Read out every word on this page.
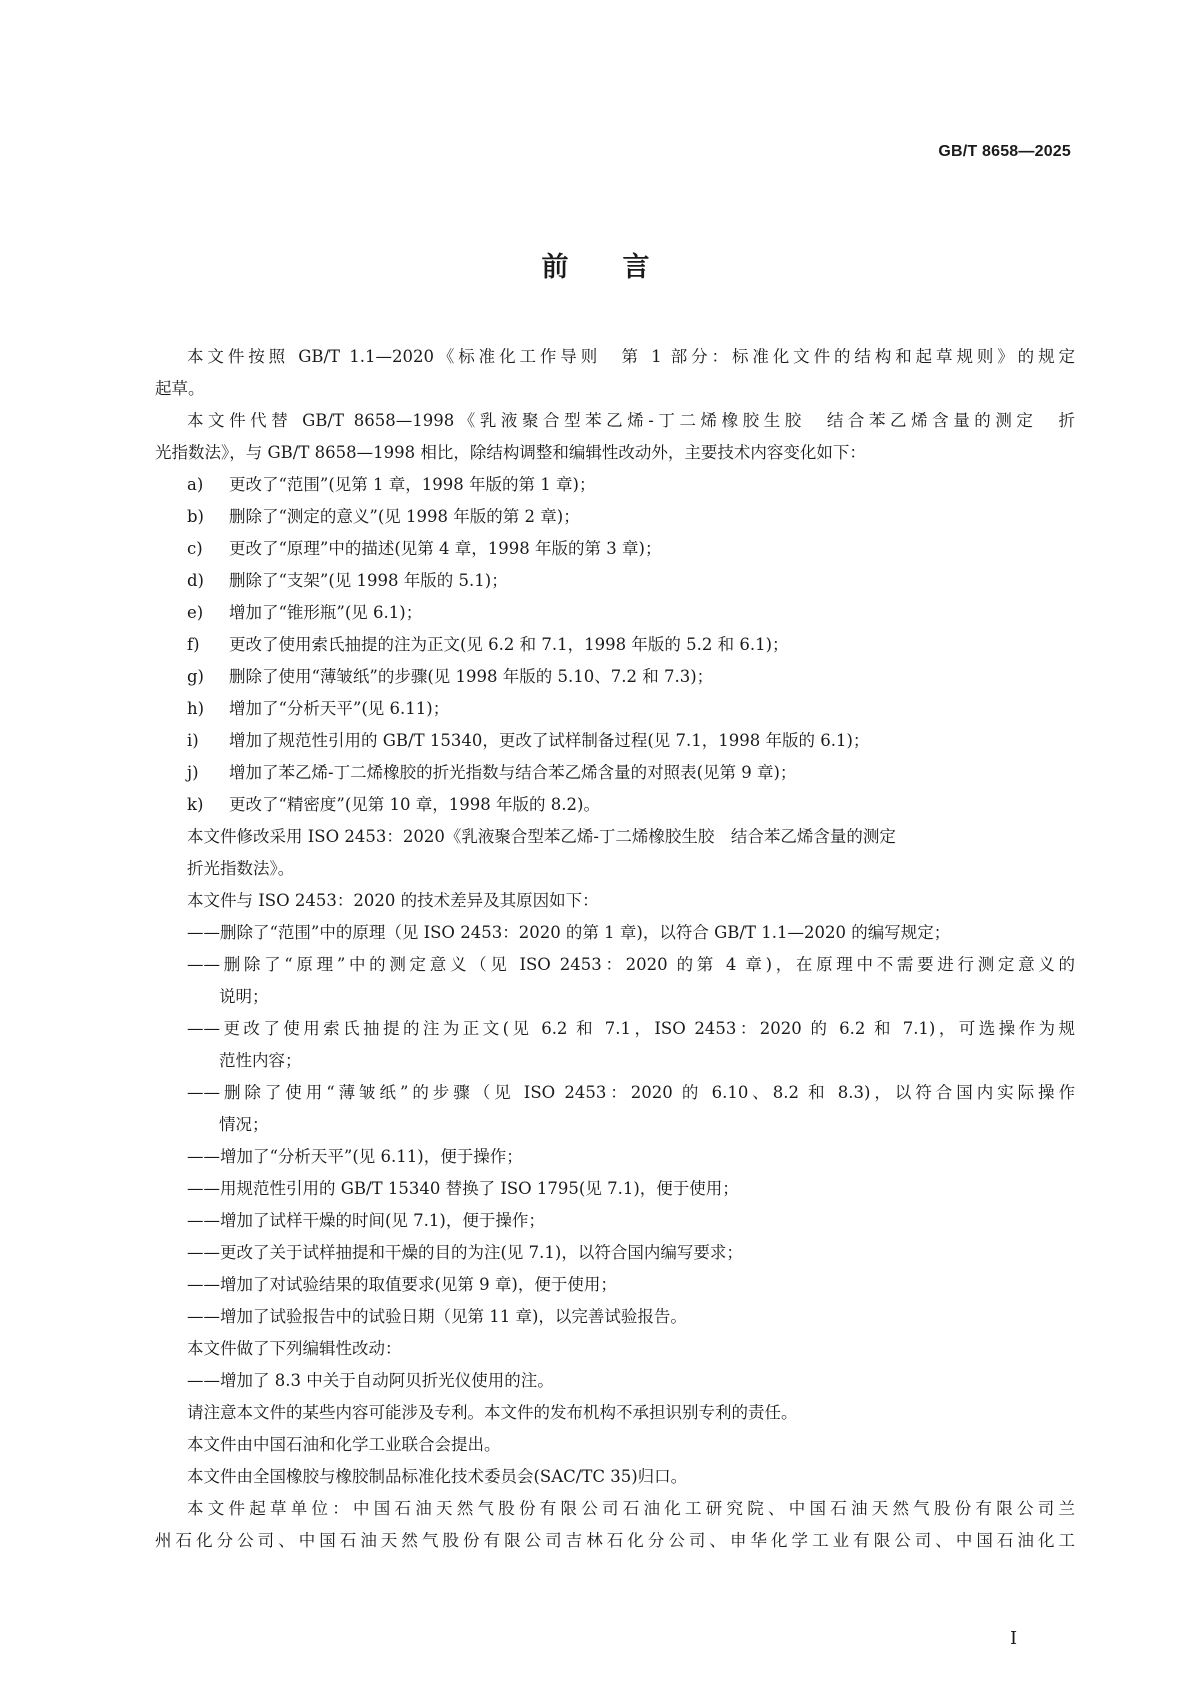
GB/T 8658—2025
前言
本文件按照 GB/T 1.1—2020《标准化工作导则　第 1 部分：标准化文件的结构和起草规则》的规定
起草。
本文件代替 GB/T 8658—1998《乳液聚合型苯乙烯-丁二烯橡胶生胶　结合苯乙烯含量的测定　折
光指数法》，与 GB/T 8658—1998 相比，除结构调整和编辑性改动外，主要技术内容变化如下：
a) 更改了“范围”(见第 1 章，1998 年版的第 1 章)；
b) 删除了“测定的意义”(见 1998 年版的第 2 章)；
c) 更改了“原理”中的描述(见第 4 章，1998 年版的第 3 章)；
d) 删除了“支架”(见 1998 年版的 5.1)；
e) 增加了“锥形瓶”(见 6.1)；
f) 更改了使用索氏抽提的注为正文(见 6.2 和 7.1，1998 年版的 5.2 和 6.1)；
g) 删除了使用“薄皱纸”的步骤(见 1998 年版的 5.10、7.2 和 7.3)；
h) 增加了“分析天平”(见 6.11)；
i) 增加了规范性引用的 GB/T 15340，更改了试样制备过程(见 7.1，1998 年版的 6.1)；
j) 增加了苯乙烯-丁二烯橡胶的折光指数与结合苯乙烯含量的对照表(见第 9 章)；
k) 更改了“精密度”(见第 10 章，1998 年版的 8.2)。
本文件修改采用 ISO 2453：2020《乳液聚合型苯乙烯-丁二烯橡胶生胶　结合苯乙烯含量的测定
折光指数法》。
本文件与 ISO 2453：2020 的技术差异及其原因如下：
——删除了“范围”中的原理（见 ISO 2453：2020 的第 1 章)，以符合 GB/T 1.1—2020 的编写规定；
——删除了“原理”中的测定意义（见 ISO 2453：2020 的第 4 章)，在原理中不需要进行测定意义的
说明；
——更改了使用索氏抽提的注为正文(见 6.2 和 7.1，ISO 2453：2020 的 6.2 和 7.1)，可选操作为规
范性内容；
——删除了使用“薄皱纸”的步骤（见 ISO 2453：2020 的 6.10、8.2 和 8.3)，以符合国内实际操作
情况；
——增加了“分析天平”(见 6.11)，便于操作；
——用规范性引用的 GB/T 15340 替换了 ISO 1795(见 7.1)，便于使用；
——增加了试样干燥的时间(见 7.1)，便于操作；
——更改了关于试样抽提和干燥的目的为注(见 7.1)，以符合国内编写要求；
——增加了对试验结果的取值要求(见第 9 章)，便于使用；
——增加了试验报告中的试验日期（见第 11 章)，以完善试验报告。
本文件做了下列编辑性改动：
——增加了 8.3 中关于自动阿贝折光仪使用的注。
请注意本文件的某些内容可能涉及专利。本文件的发布机构不承担识别专利的责任。
本文件由中国石油和化学工业联合会提出。
本文件由全国橡胶与橡胶制品标准化技术委员会(SAC/TC 35)归口。
本文件起草单位：中国石油天然气股份有限公司石油化工研究院、中国石油天然气股份有限公司兰
州石化分公司、中国石油天然气股份有限公司吉林石化分公司、申华化学工业有限公司、中国石油化工
I
